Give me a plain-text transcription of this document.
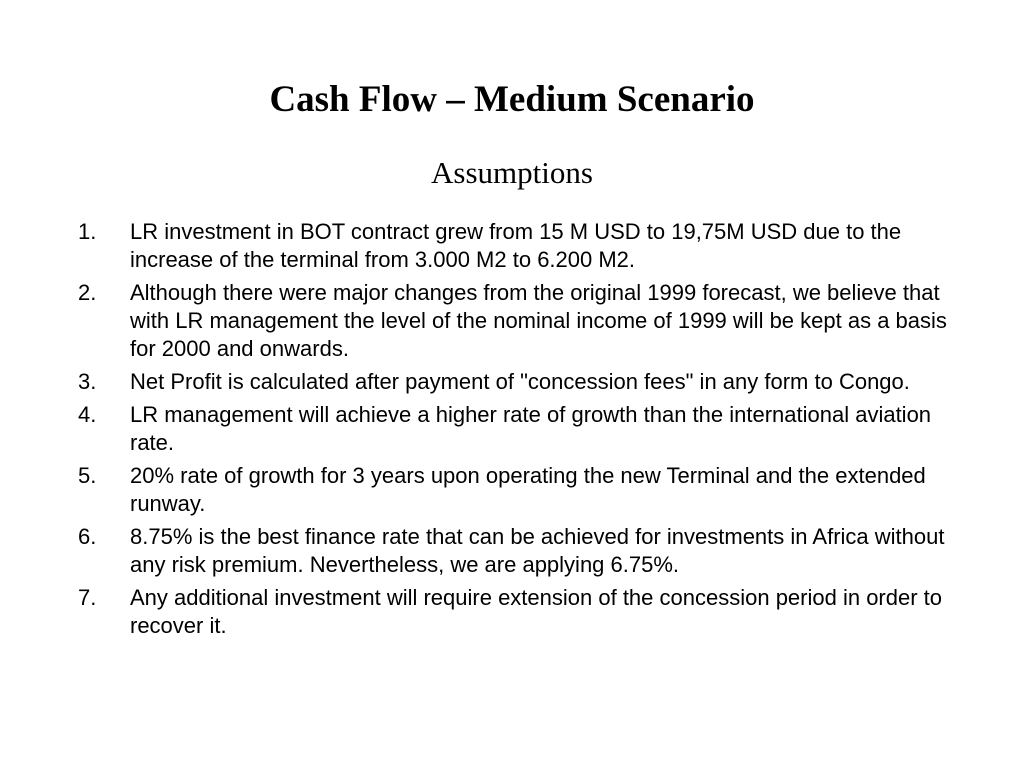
Cash Flow – Medium Scenario
Assumptions
1.	LR investment in BOT contract grew from 15 M USD to 19,75M USD due to the increase of the terminal from 3.000 M2 to 6.200 M2.
2.	Although there were major changes from the original 1999 forecast, we believe that with LR management the level of the nominal income of 1999 will be kept as a basis for 2000 and onwards.
3.	Net Profit is calculated after payment of "concession fees" in any form to Congo.
4.	LR management will achieve a higher rate of growth than the international aviation rate.
5.	20% rate of growth for 3 years upon operating the new Terminal and the extended runway.
6.	8.75% is the best finance rate that can be achieved for investments in Africa without any risk premium. Nevertheless, we are applying 6.75%.
7.	Any additional investment will require extension of the concession period in order to recover it.
